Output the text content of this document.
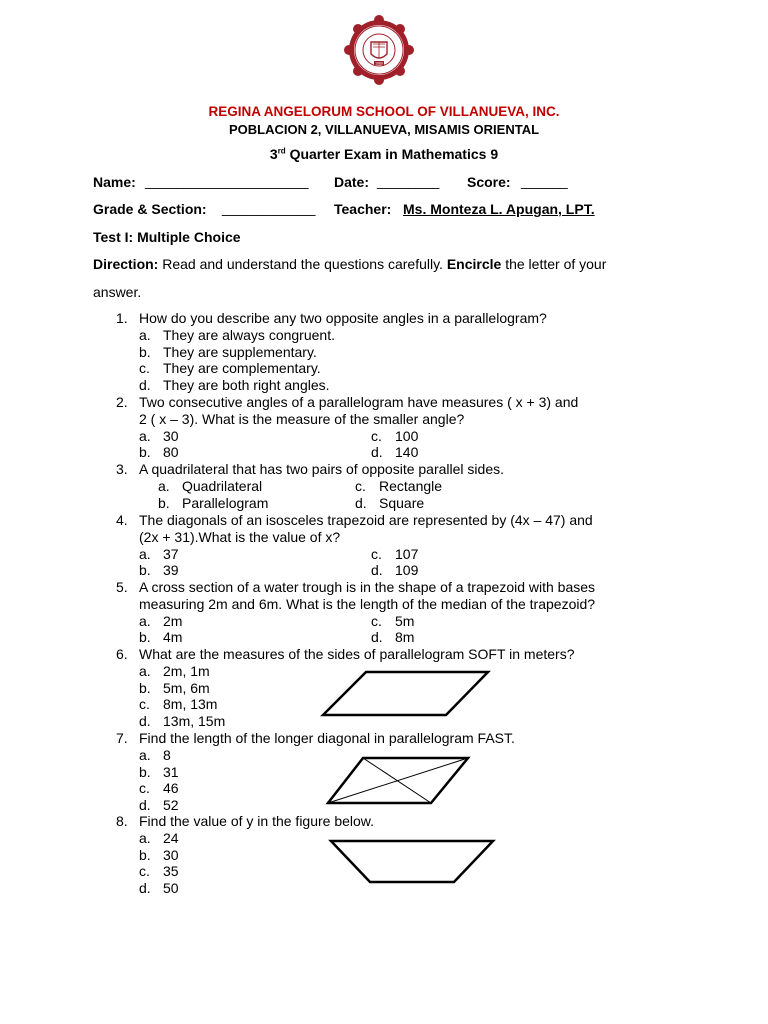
1980
REGINA ANGELORUM SCHOOL OF VILLANUEVA, INC.
POBLACION 2, VILLANUEVA, MISAMIS ORIENTAL
3rd Quarter Exam in Mathematics 9
Name: _____________________ Date: ________ Score: ______
Grade & Section: ____________ Teacher: Ms. Monteza L. Apugan, LPT.
Test I: Multiple Choice
Direction: Read and understand the questions carefully. Encircle the letter of your
answer.
1. How do you describe any two opposite angles in a parallelogram?
a. They are always congruent.
b. They are supplementary.
c. They are complementary.
d. They are both right angles.
2. Two consecutive angles of a parallelogram have measures ( x + 3) and
2 ( x – 3). What is the measure of the smaller angle?
a. 30	c. 100
b. 80	d. 140
3. A quadrilateral that has two pairs of opposite parallel sides.
a. Quadrilateral	c. Rectangle
b. Parallelogram	d. Square
4. The diagonals of an isosceles trapezoid are represented by (4x – 47) and
(2x + 31).What is the value of x?
a. 37	c. 107
b. 39	d. 109
5. A cross section of a water trough is in the shape of a trapezoid with bases
measuring 2m and 6m. What is the length of the median of the trapezoid?
a. 2m	c. 5m
b. 4m	d. 8m
6. What are the measures of the sides of parallelogram SOFT in meters?
a. 2m, 1m
b. 5m, 6m
c. 8m, 13m
d. 13m, 15m
7. Find the length of the longer diagonal in parallelogram FAST.
a. 8
b. 31
c. 46
d. 52
8. Find the value of y in the figure below.
a. 24
b. 30
c. 35
d. 50
